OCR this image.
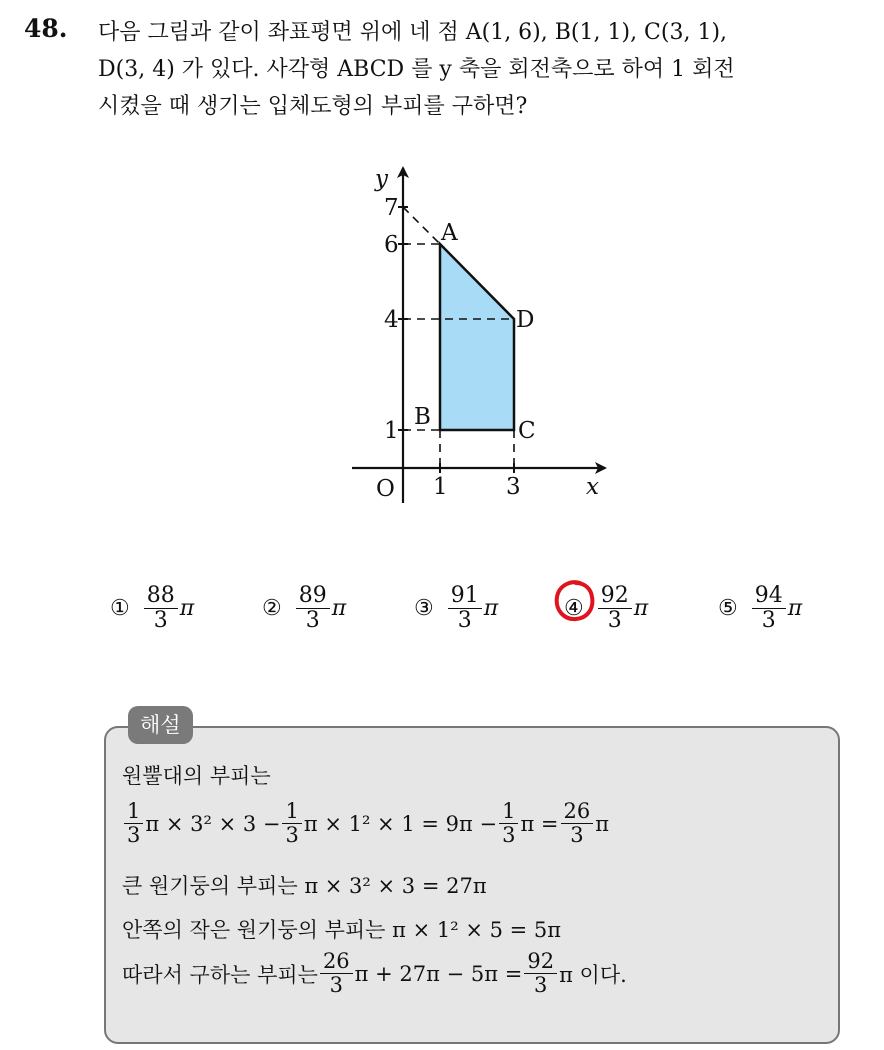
48. 다음 그림과 같이 좌표평면 위에 네 점 A(1, 6), B(1, 1), C(3, 1),
D(3, 4) 가 있다. 사각형 ABCD 를 y 축을 회전축으로 하여 1 회전
시켰을 때 생기는 입체도형의 부피를 구하면?
y
x
O
7
6
4
1
1	3
A
B
C
D
① $\frac{88}{3}$ π	② $\frac{89}{3}$ π	③ $\frac{91}{3}$ π	④ $\frac{92}{3}$ π	⑤ $\frac{94}{3}$ π
해설
원뿔대의 부피는
$\frac{1}{3}$ $\pi \times 3^2 \times 3 - \frac{1}{3}$ $\pi \times 1^2 \times 1 = 9\pi - \frac{1}{3}$ $\pi = \frac{26}{3}$ π
큰 원기둥의 부피는 π × 3² × 3 = 27π
안쪽의 작은 원기둥의 부피는 π × 1² × 5 = 5π
따라서 구하는 부피는 $\frac{26}{3}$ $\pi + 27\pi - 5\pi = \frac{92}{3}$ π 이다.
